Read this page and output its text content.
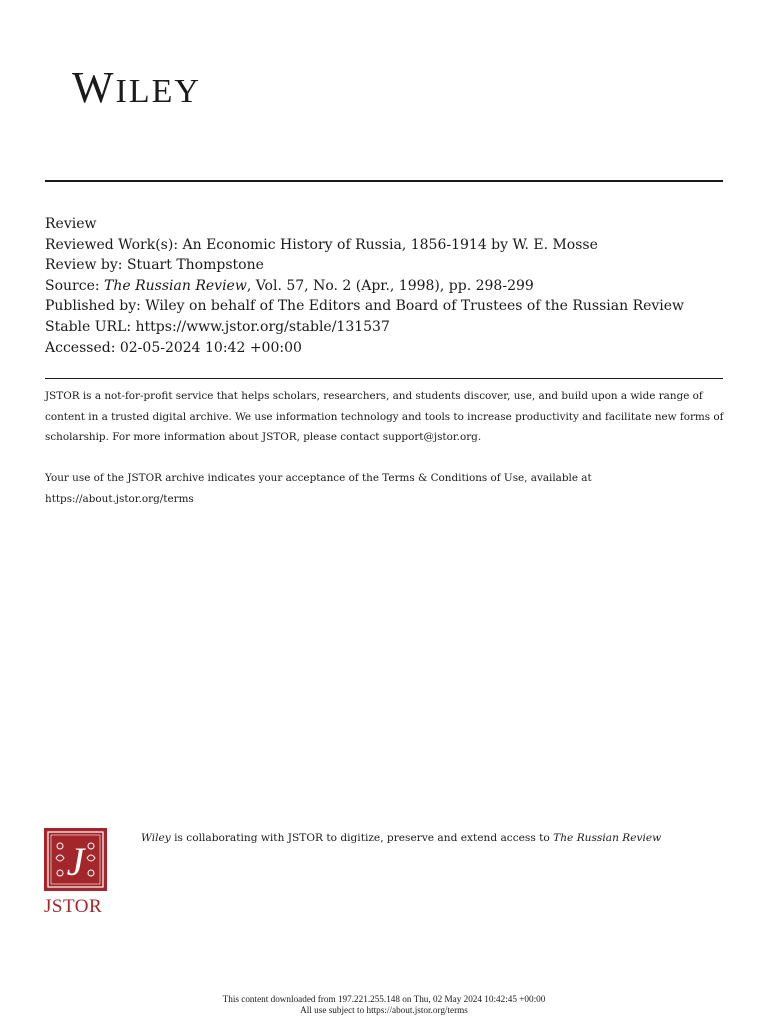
WILEY
Review
Reviewed Work(s): An Economic History of Russia, 1856-1914 by W. E. Mosse
Review by: Stuart Thompstone
Source: The Russian Review, Vol. 57, No. 2 (Apr., 1998), pp. 298-299
Published by: Wiley on behalf of The Editors and Board of Trustees of the Russian Review
Stable URL: https://www.jstor.org/stable/131537
Accessed: 02-05-2024 10:42 +00:00

JSTOR is a not-for-profit service that helps scholars, researchers, and students discover, use, and build upon a wide range of content in a trusted digital archive. We use information technology and tools to increase productivity and facilitate new forms of scholarship. For more information about JSTOR, please contact support@jstor.org.

Your use of the JSTOR archive indicates your acceptance of the Terms & Conditions of Use, available at
https://about.jstor.org/terms

J
JSTOR
Wiley is collaborating with JSTOR to digitize, preserve and extend access to The Russian Review
This content downloaded from 197.221.255.148 on Thu, 02 May 2024 10:42:45 +00:00
All use subject to https://about.jstor.org/terms
